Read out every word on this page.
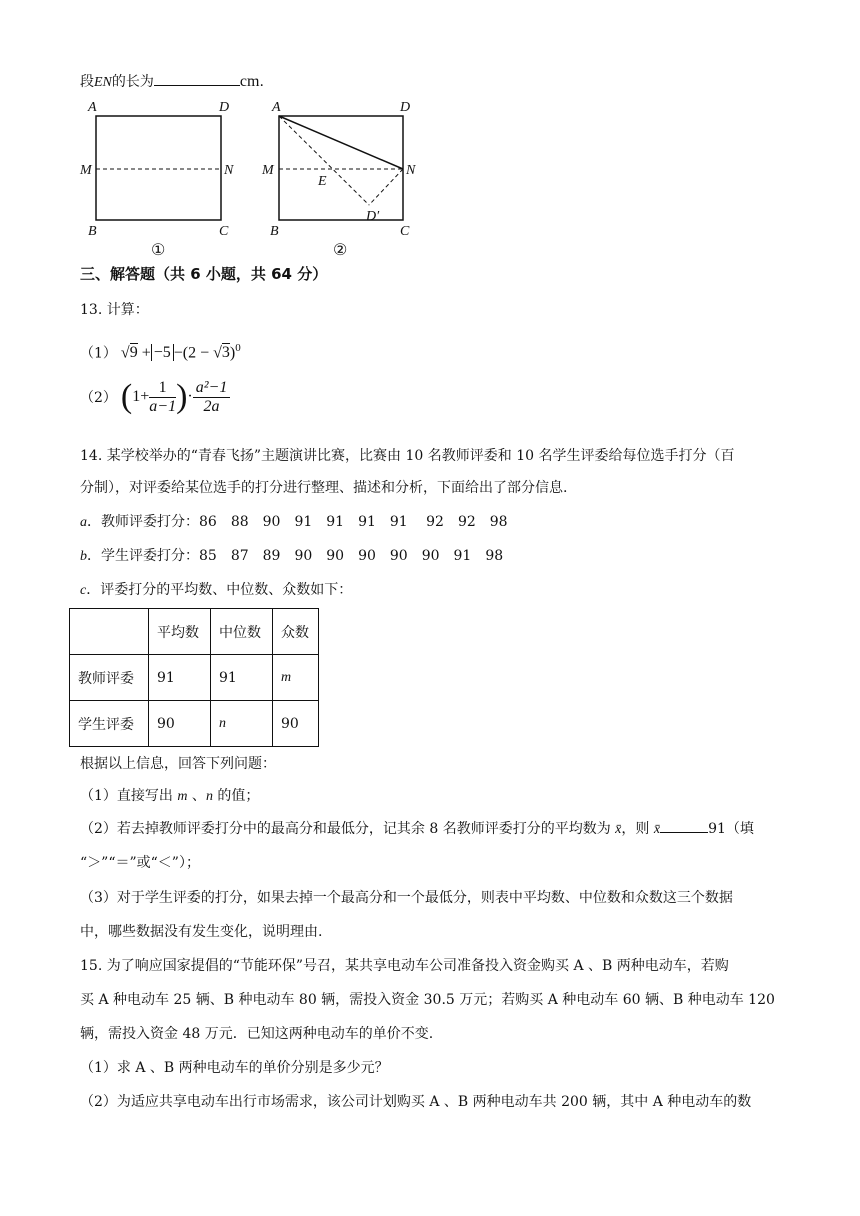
段EN的长为	cm.
A	D
M	N
B	C
①
A	D
M	N
E
D′
B	C
②
三、解答题（共 6 小题，共 64 分）
13. 计算：
（1） $√9 + -5 -(2 - √3)^0$
（2） ($1+ \frac{1}{a-1}$ )· $\frac{\text{a²−1}}{2a}$
14. 某学校举办的“青春飞扬”主题演讲比赛，比赛由 10 名教师评委和 10 名学生评委给每位选手打分（百
分制），对评委给某位选手的打分进行整理、描述和分析，下面给出了部分信息.
a．教师评委打分：86　88　90　91　91　91　91　 92　92　98
b．学生评委打分：85　87　89　90　90　90　90　90　91　98
c．评委打分的平均数、中位数、众数如下：
	平均数	中位数	众数
教师评委	91	91	m
学生评委	90	n	90
根据以上信息，回答下列问题：
（1）直接写出 m 、n 的值；
（2）若去掉教师评委打分中的最高分和最低分，记其余 8 名教师评委打分的平均数为 x̄，则 x̄	91（填
“＞”“＝”或“＜”）；
（3）对于学生评委的打分，如果去掉一个最高分和一个最低分，则表中平均数、中位数和众数这三个数据
中，哪些数据没有发生变化，说明理由.
15. 为了响应国家提倡的“节能环保”号召，某共享电动车公司准备投入资金购买 A 、B 两种电动车，若购
买 A 种电动车 25 辆、B 种电动车 80 辆，需投入资金 30.5 万元；若购买 A 种电动车 60 辆、B 种电动车 120
辆，需投入资金 48 万元．已知这两种电动车的单价不变.
（1）求 A 、B 两种电动车的单价分别是多少元？
（2）为适应共享电动车出行市场需求，该公司计划购买 A 、B 两种电动车共 200 辆，其中 A 种电动车的数
